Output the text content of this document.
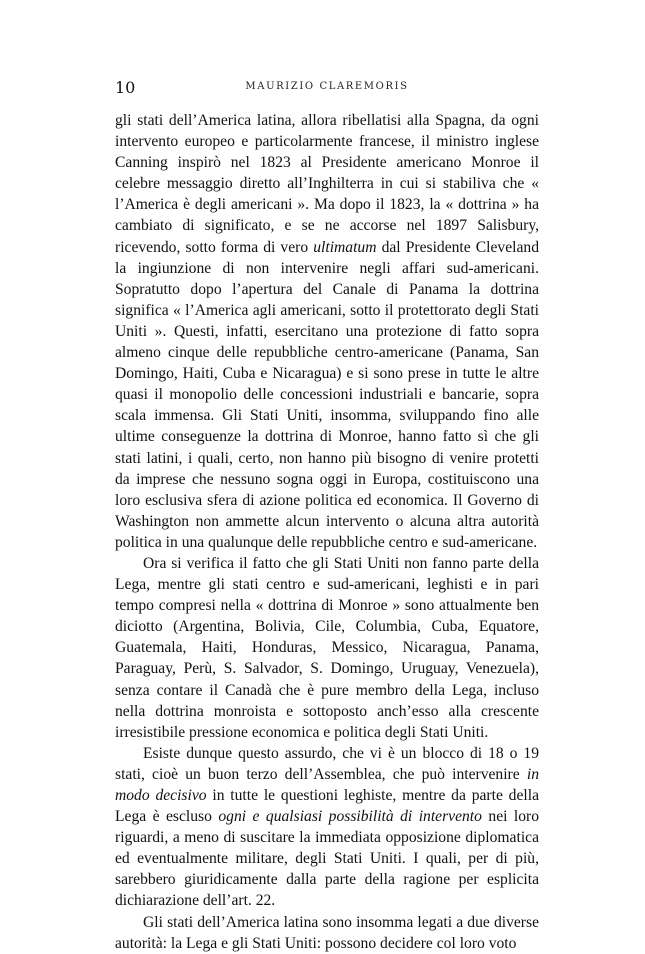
10	MAURIZIO CLAREMORIS

gli stati dell’America latina, allora ribellatisi alla Spagna, da ogni intervento europeo e particolarmente francese, il ministro inglese Canning inspirò nel 1823 al Presidente americano Monroe il celebre messaggio diretto all’Inghilterra in cui si stabiliva che « l’America è degli americani ». Ma dopo il 1823, la « dottrina » ha cambiato di significato, e se ne accorse nel 1897 Salisbury, ricevendo, sotto forma di vero ultimatum dal Presidente Cleveland la ingiunzione di non intervenire negli affari sud-americani. Sopratutto dopo l’apertura del Canale di Panama la dottrina significa « l’America agli americani, sotto il protettorato degli Stati Uniti ». Questi, infatti, esercitano una protezione di fatto sopra almeno cinque delle repubbliche centro-americane (Panama, San Domingo, Haiti, Cuba e Nicaragua) e si sono prese in tutte le altre quasi il monopolio delle concessioni industriali e bancarie, sopra scala immensa. Gli Stati Uniti, insomma, sviluppando fino alle ultime conseguenze la dottrina di Monroe, hanno fatto sì che gli stati latini, i quali, certo, non hanno più bisogno di venire protetti da imprese che nessuno sogna oggi in Europa, costituiscono una loro esclusiva sfera di azione politica ed economica. Il Governo di Washington non ammette alcun intervento o alcuna altra autorità politica in una qualunque delle repubbliche centro e sud-americane.

Ora si verifica il fatto che gli Stati Uniti non fanno parte della Lega, mentre gli stati centro e sud-americani, leghisti e in pari tempo compresi nella « dottrina di Monroe » sono attualmente ben diciotto (Argentina, Bolivia, Cile, Columbia, Cuba, Equatore, Guatemala, Haiti, Honduras, Messico, Nicaragua, Panama, Paraguay, Perù, S. Salvador, S. Domingo, Uruguay, Venezuela), senza contare il Canadà che è pure membro della Lega, incluso nella dottrina monroista e sottoposto anch’esso alla crescente irresistibile pressione economica e politica degli Stati Uniti.

Esiste dunque questo assurdo, che vi è un blocco di 18 o 19 stati, cioè un buon terzo dell’Assemblea, che può intervenire in modo decisivo in tutte le questioni leghiste, mentre da parte della Lega è escluso ogni e qualsiasi possibilità di intervento nei loro riguardi, a meno di suscitare la immediata opposizione diplomatica ed eventualmente militare, degli Stati Uniti. I quali, per di più, sarebbero giuridicamente dalla parte della ragione per esplicita dichiarazione dell’art. 22.

Gli stati dell’America latina sono insomma legati a due diverse autorità: la Lega e gli Stati Uniti: possono decidere col loro voto
